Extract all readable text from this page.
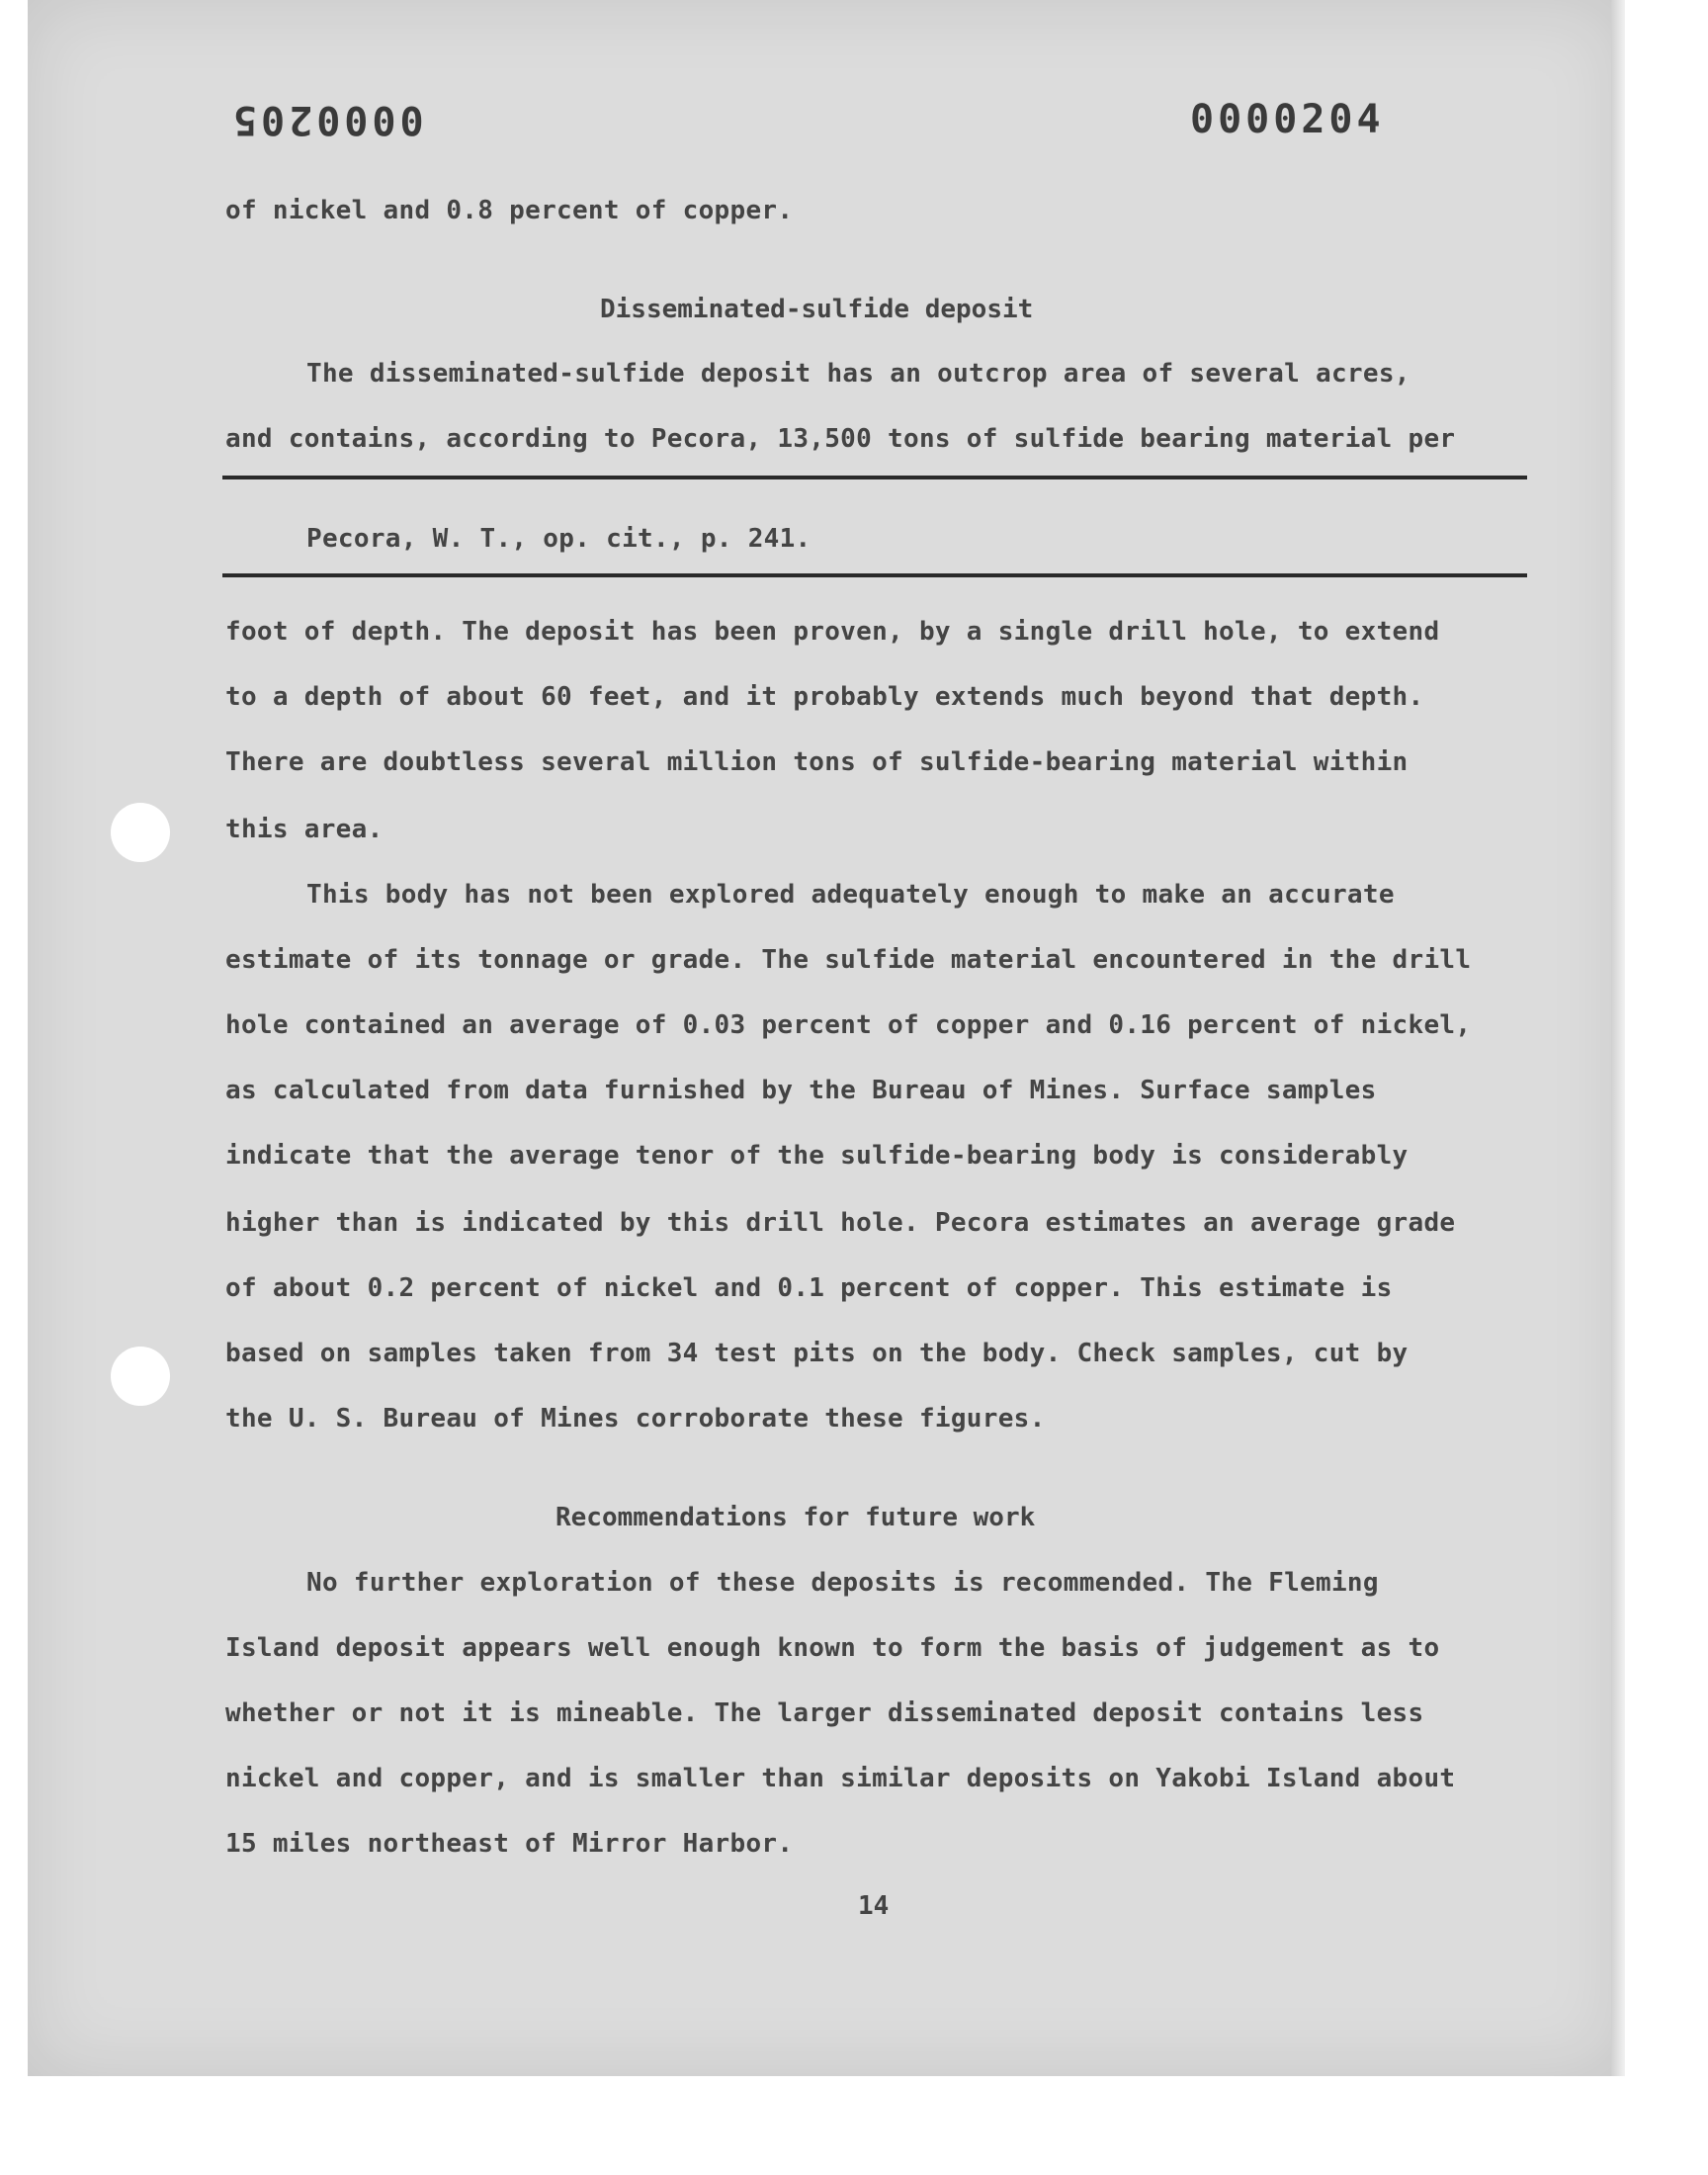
0000205	0000204
of nickel and 0.8 percent of copper.
Disseminated-sulfide deposit
The disseminated-sulfide deposit has an outcrop area of several acres,
and contains, according to Pecora, 13,500 tons of sulfide bearing material per
Pecora, W. T., op. cit., p. 241.
foot of depth. The deposit has been proven, by a single drill hole, to extend
to a depth of about 60 feet, and it probably extends much beyond that depth.
There are doubtless several million tons of sulfide-bearing material within
this area.
This body has not been explored adequately enough to make an accurate
estimate of its tonnage or grade. The sulfide material encountered in the drill
hole contained an average of 0.03 percent of copper and 0.16 percent of nickel,
as calculated from data furnished by the Bureau of Mines. Surface samples
indicate that the average tenor of the sulfide-bearing body is considerably
higher than is indicated by this drill hole. Pecora estimates an average grade
of about 0.2 percent of nickel and 0.1 percent of copper. This estimate is
based on samples taken from 34 test pits on the body. Check samples, cut by
the U. S. Bureau of Mines corroborate these figures.
Recommendations for future work
No further exploration of these deposits is recommended. The Fleming
Island deposit appears well enough known to form the basis of judgement as to
whether or not it is mineable. The larger disseminated deposit contains less
nickel and copper, and is smaller than similar deposits on Yakobi Island about
15 miles northeast of Mirror Harbor.
14
